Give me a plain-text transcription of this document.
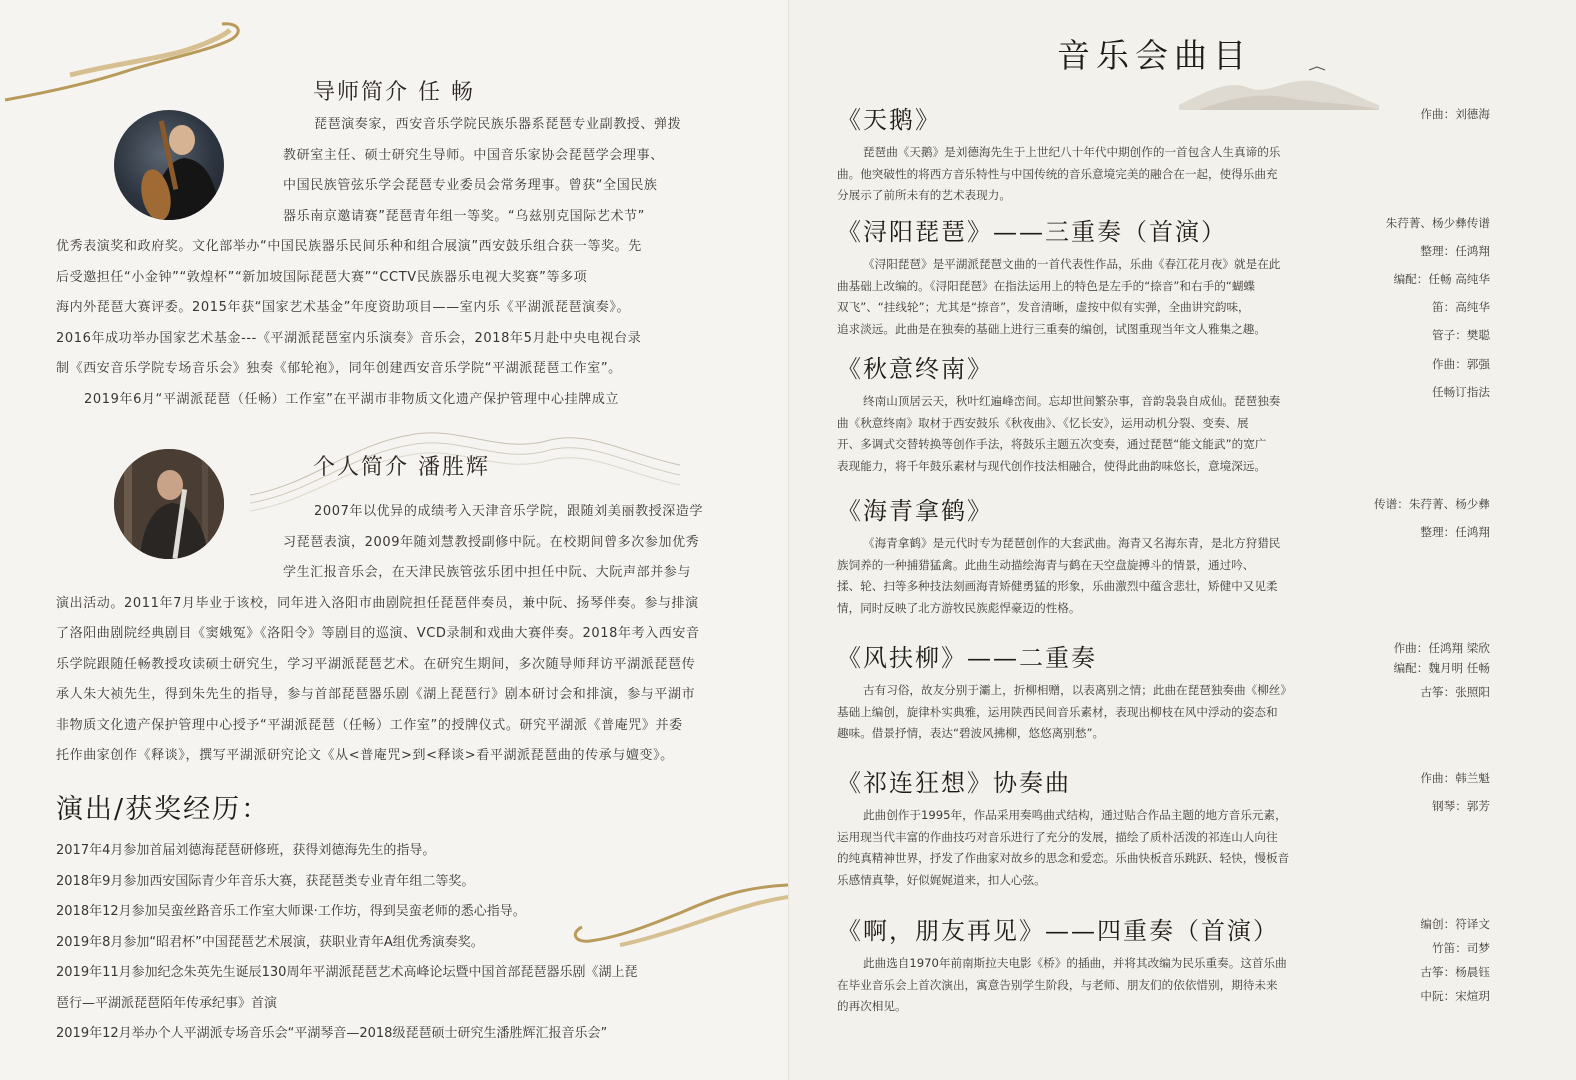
导师简介 任 畅
琵琶演奏家，西安音乐学院民族乐器系琵琶专业副教授、弹拨
教研室主任、硕士研究生导师。中国音乐家协会琵琶学会理事、
中国民族管弦乐学会琵琶专业委员会常务理事。曾获“全国民族
器乐南京邀请赛”琵琶青年组一等奖。“乌兹别克国际艺术节”
优秀表演奖和政府奖。文化部举办“中国民族器乐民间乐种和组合展演”西安鼓乐组合获一等奖。先
后受邀担任“小金钟”“敦煌杯”“新加坡国际琵琶大赛”“CCTV民族器乐电视大奖赛”等多项
海内外琵琶大赛评委。2015年获“国家艺术基金”年度资助项目——室内乐《平湖派琵琶演奏》。
2016年成功举办国家艺术基金---《平湖派琵琶室内乐演奏》音乐会，2018年5月赴中央电视台录
制《西安音乐学院专场音乐会》独奏《郁轮袍》，同年创建西安音乐学院“平湖派琵琶工作室”。
2019年6月“平湖派琵琶（任畅）工作室”在平湖市非物质文化遗产保护管理中心挂牌成立
个人简介 潘胜辉
2007年以优异的成绩考入天津音乐学院，跟随刘美丽教授深造学
习琵琶表演，2009年随刘慧教授副修中阮。在校期间曾多次参加优秀
学生汇报音乐会，在天津民族管弦乐团中担任中阮、大阮声部并参与
演出活动。2011年7月毕业于该校，同年进入洛阳市曲剧院担任琵琶伴奏员，兼中阮、扬琴伴奏。参与排演
了洛阳曲剧院经典剧目《窦娥冤》《洛阳令》等剧目的巡演、VCD录制和戏曲大赛伴奏。2018年考入西安音
乐学院跟随任畅教授攻读硕士研究生，学习平湖派琵琶艺术。在研究生期间，多次随导师拜访平湖派琵琶传
承人朱大祯先生，得到朱先生的指导，参与首部琵琶器乐剧《湖上琵琶行》剧本研讨会和排演，参与平湖市
非物质文化遗产保护管理中心授予“平湖派琵琶（任畅）工作室”的授牌仪式。研究平湖派《普庵咒》并委
托作曲家创作《释谈》，撰写平湖派研究论文《从<普庵咒>到<释谈>看平湖派琵琶曲的传承与嬗变》。
演出/获奖经历：
2017年4月参加首届刘德海琵琶研修班，获得刘德海先生的指导。
2018年9月参加西安国际青少年音乐大赛，获琵琶类专业青年组二等奖。
2018年12月参加吴蛮丝路音乐工作室大师课·工作坊，得到吴蛮老师的悉心指导。
2019年8月参加“昭君杯”中国琵琶艺术展演，获职业青年A组优秀演奏奖。
2019年11月参加纪念朱英先生诞辰130周年平湖派琵琶艺术高峰论坛暨中国首部琵琶器乐剧《湖上琵
琶行—平湖派琵琶陌年传承纪事》首演
2019年12月举办个人平湖派专场音乐会“平湖琴音—2018级琵琶硕士研究生潘胜辉汇报音乐会”
音乐会曲目
《天鹅》
琵琶曲《天鹅》是刘德海先生于上世纪八十年代中期创作的一首包含人生真谛的乐
曲。他突破性的将西方音乐特性与中国传统的音乐意境完美的融合在一起，使得乐曲充
分展示了前所未有的艺术表现力。
作曲：刘德海
《浔阳琵琶》——三重奏（首演）
《浔阳琵琶》是平湖派琵琶文曲的一首代表性作品，乐曲《春江花月夜》就是在此
曲基础上改编的。《浔阳琵琶》在指法运用上的特色是左手的“捺音”和右手的“蝴蝶
双飞”、“挂线轮”；尤其是“捺音”，发音清晰，虚按中似有实弹，全曲讲究韵味，
追求淡远。此曲是在独奏的基础上进行三重奏的编创，试图重现当年文人雅集之趣。
朱荇菁、杨少彝传谱
整理：任鸿翔
编配：任畅 高纯华
笛：高纯华
管子：樊聪
《秋意终南》
终南山顶居云天，秋叶红遍峰峦间。忘却世间繁杂事，音韵袅袅自成仙。琵琶独奏
曲《秋意终南》取材于西安鼓乐《秋夜曲》、《忆长安》，运用动机分裂、变奏、展
开、多调式交替转换等创作手法，将鼓乐主题五次变奏，通过琵琶“能文能武”的宽广
表现能力，将千年鼓乐素材与现代创作技法相融合，使得此曲韵味悠长，意境深远。
作曲：郭强
任畅订指法
《海青拿鹤》
《海青拿鹤》是元代时专为琵琶创作的大套武曲。海青又名海东青，是北方狩猎民
族饲养的一种捕猎猛禽。此曲生动描绘海青与鹤在天空盘旋搏斗的情景，通过吟、
揉、轮、扫等多种技法刻画海青矫健勇猛的形象，乐曲激烈中蕴含悲壮，矫健中又见柔
情，同时反映了北方游牧民族彪悍豪迈的性格。
传谱：朱荇菁、杨少彝
整理：任鸿翔
《风扶柳》——二重奏
古有习俗，故友分别于灞上，折柳相赠，以表离别之情；此曲在琵琶独奏曲《柳丝》
基础上编创，旋律朴实典雅，运用陕西民间音乐素材，表现出柳枝在风中浮动的姿态和
趣味。借景抒情，表达“碧波风拂柳，悠悠离别愁”。
作曲：任鸿翔 梁欣
编配：魏月明 任畅
古筝：张照阳
《祁连狂想》协奏曲
此曲创作于1995年，作品采用奏鸣曲式结构，通过贴合作品主题的地方音乐元素，
运用现当代丰富的作曲技巧对音乐进行了充分的发展，描绘了质朴活泼的祁连山人向往
的纯真精神世界，抒发了作曲家对故乡的思念和爱恋。乐曲快板音乐跳跃、轻快，慢板音
乐感情真挚，好似娓娓道来，扣人心弦。
作曲：韩兰魁
钢琴：郭芳
《啊，朋友再见》——四重奏（首演）
此曲选自1970年前南斯拉夫电影《桥》的插曲，并将其改编为民乐重奏。这首乐曲
在毕业音乐会上首次演出，寓意告别学生阶段，与老师、朋友们的依依惜别，期待未来
的再次相见。
编创：符译文
竹笛：司梦
古筝：杨晨钰
中阮：宋煊玥
